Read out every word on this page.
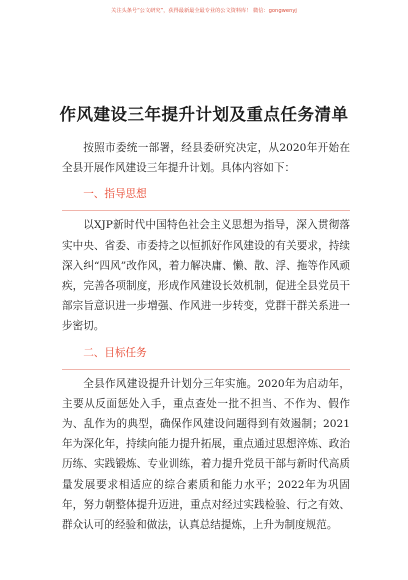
关注头条号“公文研究”，获得最新最全最专业的公文资料库！ 微信：gongwenyj
作风建设三年提升计划及重点任务清单

按照市委统一部署，经县委研究决定，从2020年开始在全县开展作风建设三年提升计划。具体内容如下：

一、指导思想

以XJP新时代中国特色社会主义思想为指导，深入贯彻落实中央、省委、市委持之以恒抓好作风建设的有关要求，持续深入纠“四风”改作风，着力解决庸、懒、散、浮、拖等作风顽疾，完善各项制度，形成作风建设长效机制，促进全县党员干部宗旨意识进一步增强、作风进一步转变，党群干群关系进一步密切。

二、目标任务

全县作风建设提升计划分三年实施。2020年为启动年，主要从反面惩处入手，重点查处一批不担当、不作为、假作为、乱作为的典型，确保作风建设问题得到有效遏制；2021年为深化年，持续向能力提升拓展，重点通过思想淬炼、政治历练、实践锻炼、专业训练，着力提升党员干部与新时代高质量发展要求相适应的综合素质和能力水平；2022年为巩固年，努力朝整体提升迈进，重点对经过实践检验、行之有效、群众认可的经验和做法，认真总结提炼，上升为制度规范。
